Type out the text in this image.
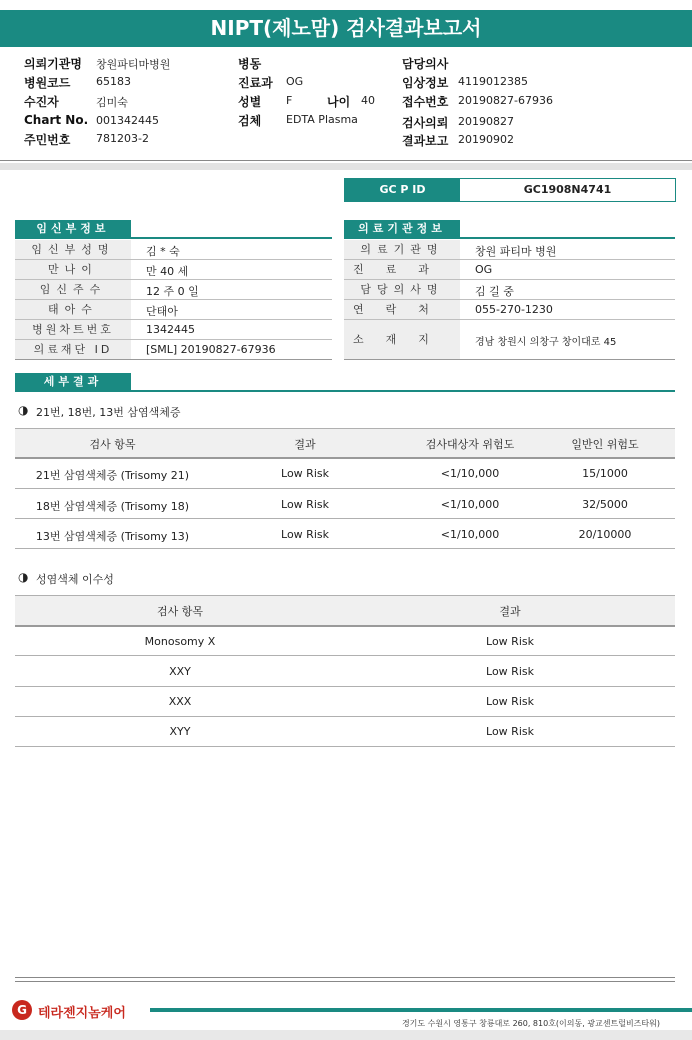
NIPT(제노맘) 검사결과보고서
의뢰기관명 창원파티마병원
병원코드 65183
수진자	김미숙
Chart No. 001342445
주민번호 781203-2
병동
진료과 OG
성별 F	나이 40
검체 EDTA Plasma
담당의사
임상정보 4119012385
접수번호 20190827-67936
검사의뢰 20190827
결과보고 20190902
GC P ID	GC1908N4741
임신부정보
임신부성명	김 * 숙
만나이	만 40 세
임신주수	12 주 0 일
태아수	단태아
병원차트번호	1342445
의료재단 ID	[SML] 20190827-67936
의료기관정보
의료기관명	창원 파티마 병원
진료과	OG
담당의사명	김 길 중
연락처	055-270-1230
소재지	경남 창원시 의창구 창이대로 45
세부결과
◑ 21번, 18번, 13번 삼염색체증
검사 항목	결과	검사대상자 위험도	일반인 위험도
21번 삼염색체증 (Trisomy 21)	Low Risk	<1/10,000	15/1000
18번 삼염색체증 (Trisomy 18)	Low Risk	<1/10,000	32/5000
13번 삼염색체증 (Trisomy 13)	Low Risk	<1/10,000	20/10000
◑ 성염색체 이수성
검사 항목	결과
Monosomy X	Low Risk
XXY	Low Risk
XXX	Low Risk
XYY	Low Risk
G 테라젠지놈케어
경기도 수원시 영통구 창룡대로 260, 810호(이의동, 광교센트럴비즈타워)
